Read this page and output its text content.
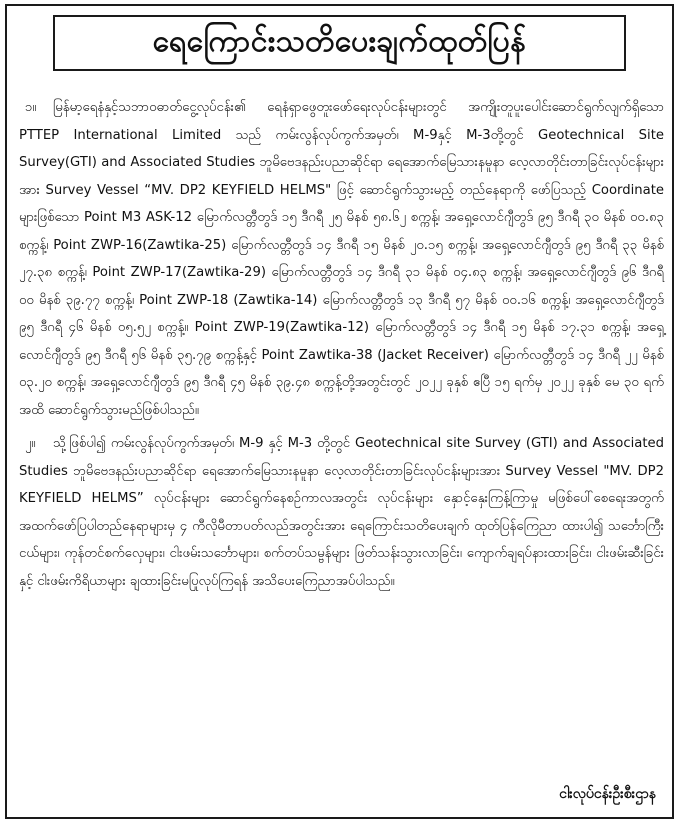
ရေကြောင်းသတိပေးချက်ထုတ်ပြန်

၁။ မြန်မာ့ရေနံနှင့်သဘာဝဓာတ်ငွေ့လုပ်ငန်း၏ ရေနံရှာဖွေတူးဖော်ရေးလုပ်ငန်းများတွင် အကျိုးတူပူးပေါင်းဆောင်ရွက်လျက်ရှိသော PTTEP International Limited သည် ကမ်းလွန်လုပ်ကွက်အမှတ်၊ M-9နှင့် M-3တို့တွင် Geotechnical Site Survey(GTI) and Associated Studies ဘူမိဗေဒနည်းပညာဆိုင်ရာ ရေအောက်မြေသားနမူနာ လေ့လာတိုင်းတာခြင်းလုပ်ငန်းများအား Survey Vessel “MV. DP2 KEYFIELD HELMS" ဖြင့် ဆောင်ရွက်သွားမည့် တည်နေရာကို ဖော်ပြသည့် Coordinate များဖြစ်သော Point M3 ASK-12 မြောက်လတ္တီတွဒ် ၁၅ ဒီဂရီ ၂၅ မိနစ် ၅၈.၆၂ စက္ကန့်၊ အရှေ့လောင်ဂျီတွဒ် ၉၅ ဒီဂရီ ၃၀ မိနစ် ၀၀.၈၃ စက္ကန့်၊ Point ZWP-16(Zawtika-25) မြောက်လတ္တီတွဒ် ၁၄ ဒီဂရီ ၁၅ မိနစ် ၂၀.၁၅ စက္ကန့်၊ အရှေ့လောင်ဂျီတွဒ် ၉၅ ဒီဂရီ ၃၃ မိနစ် ၂၇.၃၈ စက္ကန့်၊ Point ZWP-17(Zawtika-29) မြောက်လတ္တီတွဒ် ၁၄ ဒီဂရီ ၃၁ မိနစ် ၀၄.၈၃ စက္ကန့်၊ အရှေ့လောင်ဂျီတွဒ် ၉၆ ဒီဂရီ ၀၀ မိနစ် ၃၉.၇၇ စက္ကန့်၊ Point ZWP-18 (Zawtika-14) မြောက်လတ္တီတွဒ် ၁၃ ဒီဂရီ ၅၇ မိနစ် ၀၀.၁၆ စက္ကန့်၊ အရှေ့လောင်ဂျီတွဒ် ၉၅ ဒီဂရီ ၄၆ မိနစ် ၀၅.၅၂ စက္ကန့်။ Point ZWP-19(Zawtika-12) မြောက်လတ္တီတွဒ် ၁၄ ဒီဂရီ ၁၅ မိနစ် ၁၇.၃၁ စက္ကန့်၊ အရှေ့လောင်ဂျီတွဒ် ၉၅ ဒီဂရီ ၅၆ မိနစ် ၃၅.၇၉ စက္ကန့်နှင့် Point Zawtika-38 (Jacket Receiver) မြောက်လတ္တီတွဒ် ၁၄ ဒီဂရီ ၂၂ မိနစ် ၀၃.၂၀ စက္ကန့်၊ အရှေ့လောင်ဂျီတွဒ် ၉၅ ဒီဂရီ ၄၅ မိနစ် ၃၉.၄၈ စက္ကန့်တို့အတွင်းတွင် ၂၀၂၂ ခုနှစ် ဧပြီ ၁၅ ရက်မှ ၂၀၂၂ ခုနှစ် မေ ၃၀ ရက်အထိ ဆောင်ရွက်သွားမည်ဖြစ်ပါသည်။

၂။ သို့ဖြစ်ပါ၍ ကမ်းလွန်လုပ်ကွက်အမှတ်၊ M-9 နှင့် M-3 တို့တွင် Geotechnical site Survey (GTI) and Associated Studies ဘူမိဗေဒနည်းပညာဆိုင်ရာ ရေအောက်မြေသားနမူနာ လေ့လာတိုင်းတာခြင်းလုပ်ငန်းများအား Survey Vessel "MV. DP2 KEYFIELD HELMS” လုပ်ငန်းများ ဆောင်ရွက်နေစဉ်ကာလအတွင်း လုပ်ငန်းများ နှောင့်နှေးကြန့်ကြာမှု မဖြစ်ပေါ်စေရေးအတွက် အထက်ဖော်ပြပါတည်နေရာများမှ ၄ ကီလိုမီတာပတ်လည်အတွင်းအား ရေကြောင်းသတိပေးချက် ထုတ်ပြန်ကြေညာ ထားပါ၍ သင်္ဘောကြီးငယ်များ၊ ကုန်တင်စက်လှေများ၊ ငါးဖမ်းသင်္ဘောများ၊ စက်တပ်သမ္ဗန်များ ဖြတ်သန်းသွားလာခြင်း၊ ကျောက်ချရပ်နားထားခြင်း၊ ငါးဖမ်းဆီးခြင်းနှင့် ငါးဖမ်းကိရိယာများ ချထားခြင်းမပြုလုပ်ကြရန် အသိပေးကြေညာအပ်ပါသည်။

ငါးလုပ်ငန်းဦးစီးဌာန
